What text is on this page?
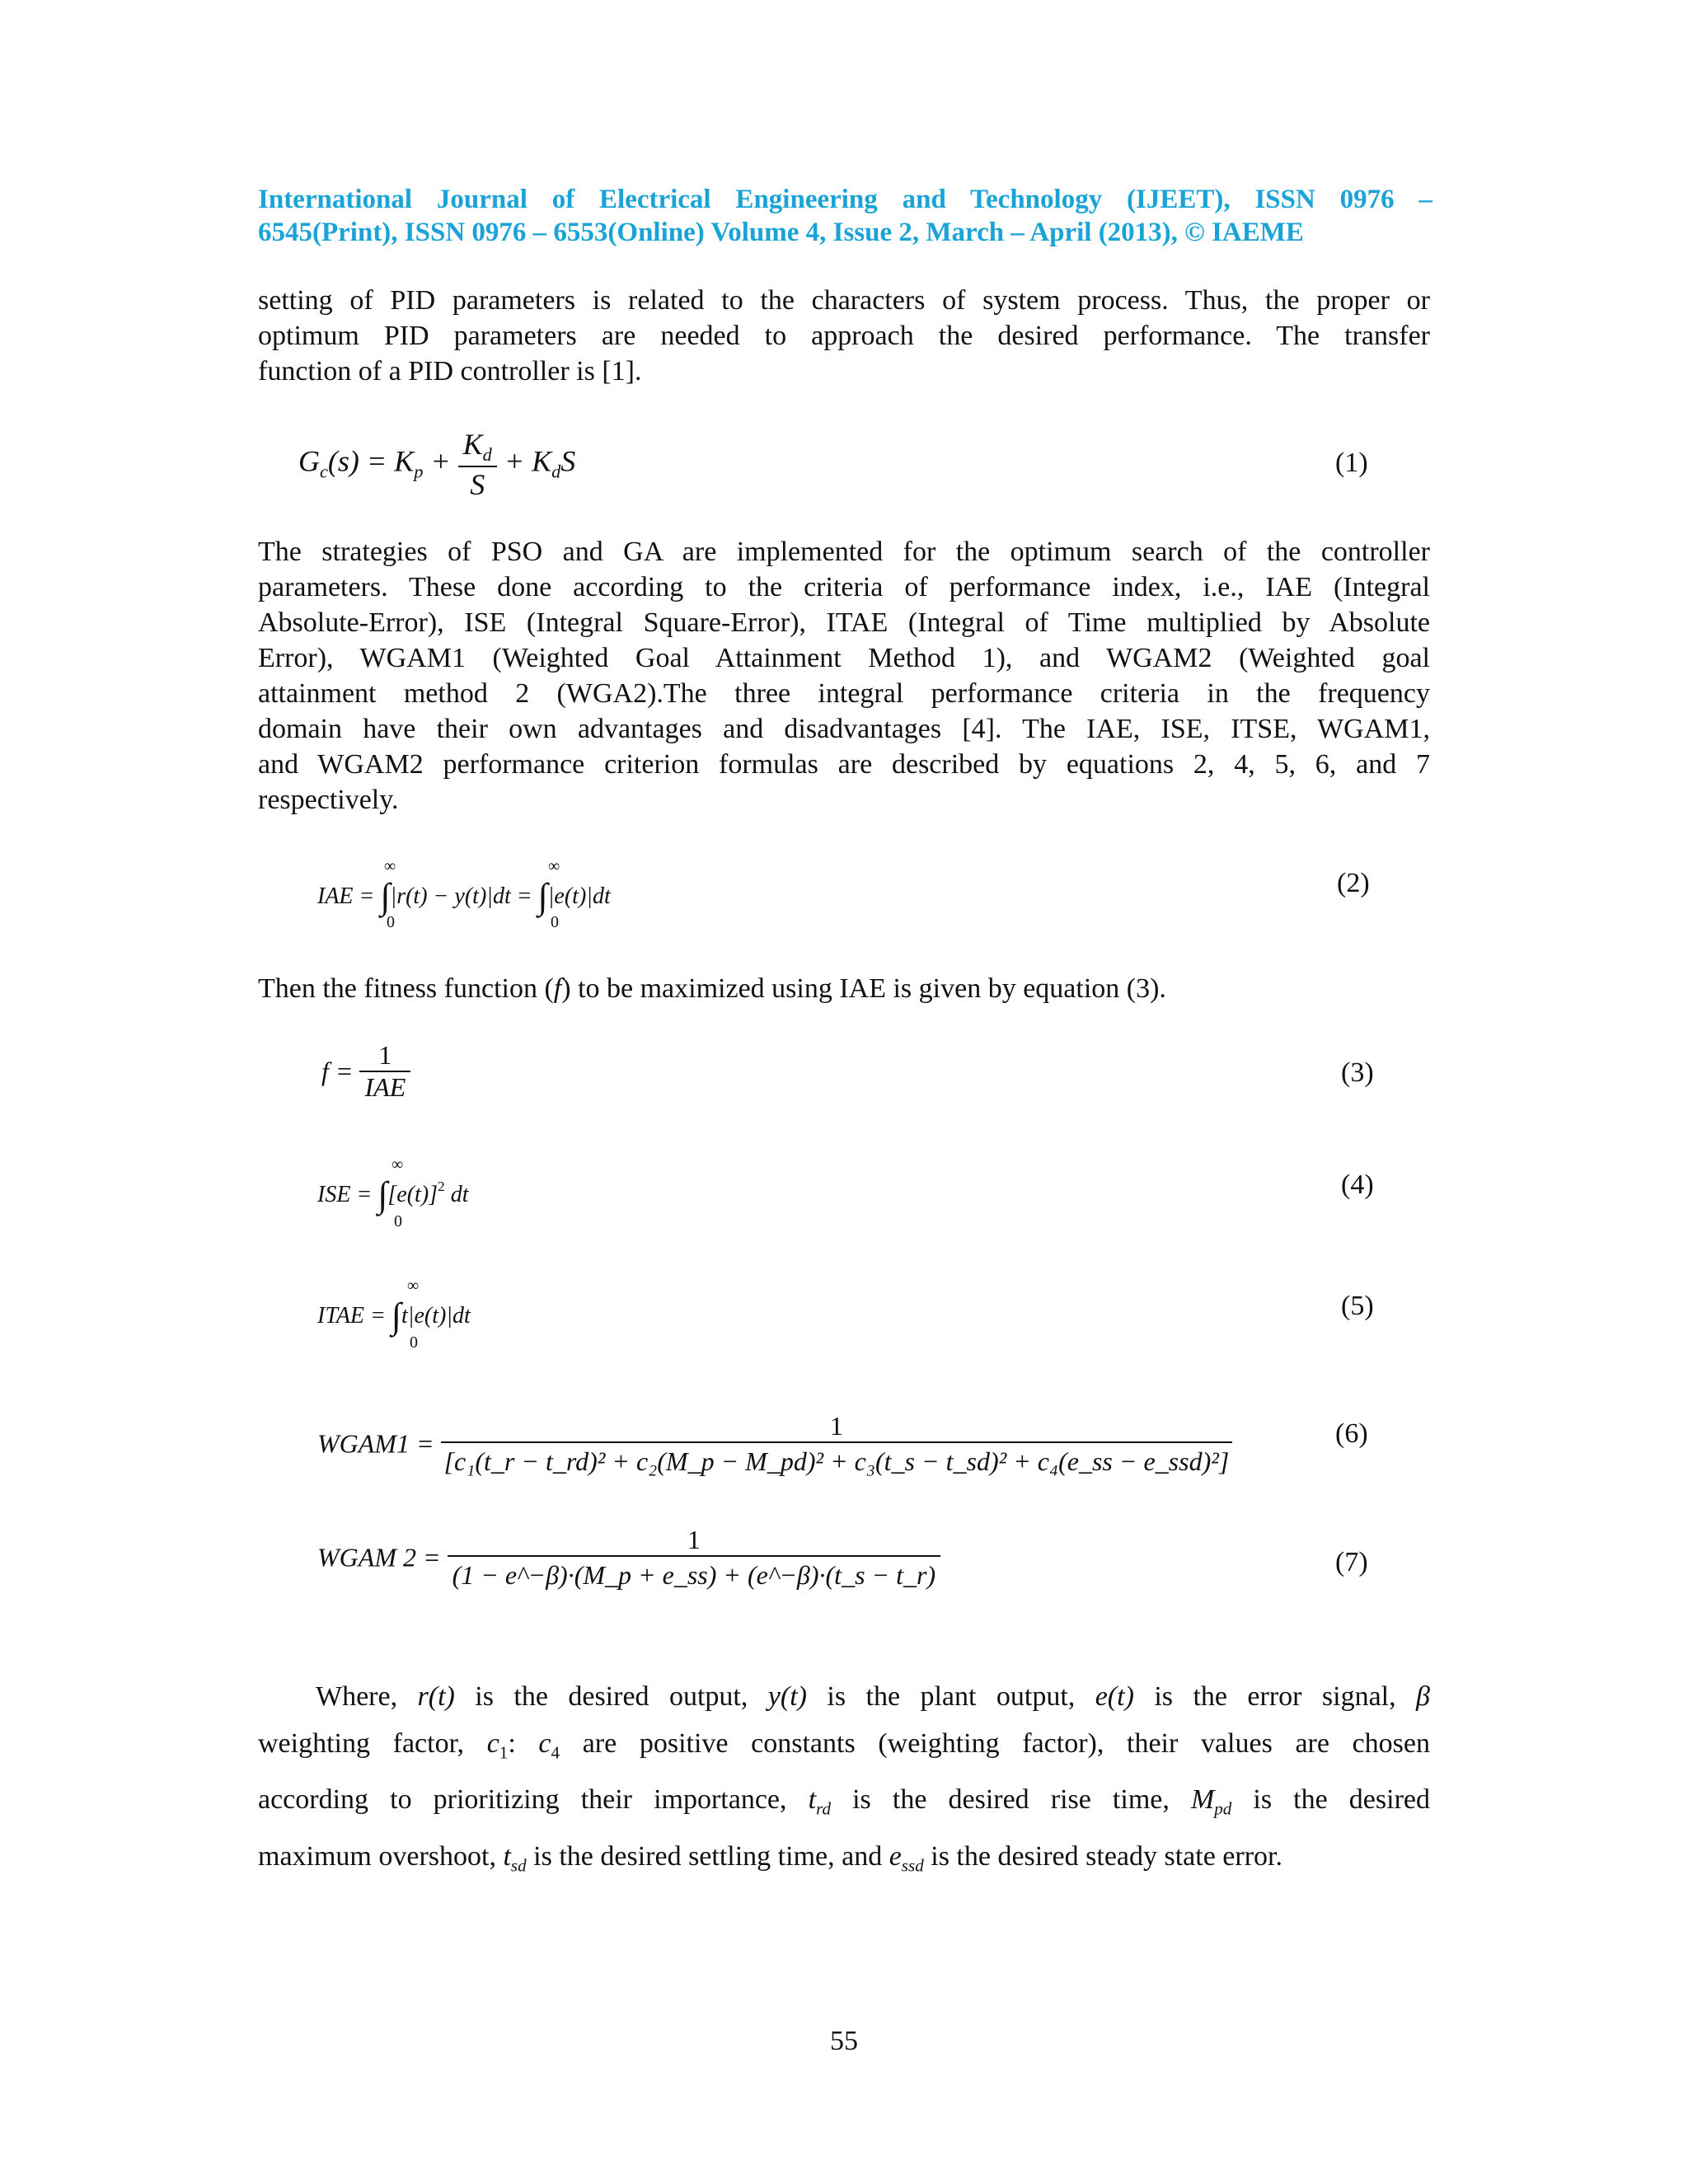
International Journal of Electrical Engineering and Technology (IJEET), ISSN 0976 –
6545(Print), ISSN 0976 – 6553(Online) Volume 4, Issue 2, March – April (2013), © IAEME
setting of PID parameters is related to the characters of system process. Thus, the proper or
optimum PID parameters are needed to approach the desired performance. The transfer
function of a PID controller is [1].
$G_c(s) = K_p + \frac{K_d}{S} + K_dS$	(1)
The strategies of PSO and GA are implemented for the optimum search of the controller
parameters. These done according to the criteria of performance index, i.e., IAE (Integral
Absolute-Error), ISE (Integral Square-Error), ITAE (Integral of Time multiplied by Absolute
Error), WGAM1 (Weighted Goal Attainment Method 1), and WGAM2 (Weighted goal
attainment method 2 (WGA2).The three integral performance criteria in the frequency
domain have their own advantages and disadvantages [4]. The IAE, ISE, ITSE, WGAM1,
and WGAM2 performance criterion formulas are described by equations 2, 4, 5, 6, and 7
respectively.
IAE = ∫|r(t) − y(t)|dt = ∫|e(t)|dt
∞
0
∞
0
(2)
Then the fitness function (f) to be maximized using IAE is given by equation (3).
$f = \frac{1}{\text{IAE}}$	(3)
ISE = $\int[e(t)]^2$ dt
∞
0
(4)
ITAE = ∫t|e(t)|dt
∞
0
(5)
WGAM1 =
1
[c₁(t_r − t_rd)² + c₂(M_p − M_pd)² + c₃(t_s − t_sd)² + c₄(e_ss − e_ssd)²]
(6)
WGAM $2 = \frac{1}{(1 - e\^{}-\beta)\cdot(M\_p + e\_ss) + (e\^{}-\beta)\cdot(t\_s - t\_r)}$	(7)
Where, r(t) is the desired output, y(t) is the plant output, e(t) is the error signal, β
weighting factor, $c_1$: $c_4$ are positive constants (weighting factor), their values are chosen
according to prioritizing their importance, $t_{rd}$ is the desired rise time, $M_{pd}$ is the desired
maximum overshoot, $t_{sd}$ is the desired settling time, and $e_{ssd}$ is the desired steady state error.
55
